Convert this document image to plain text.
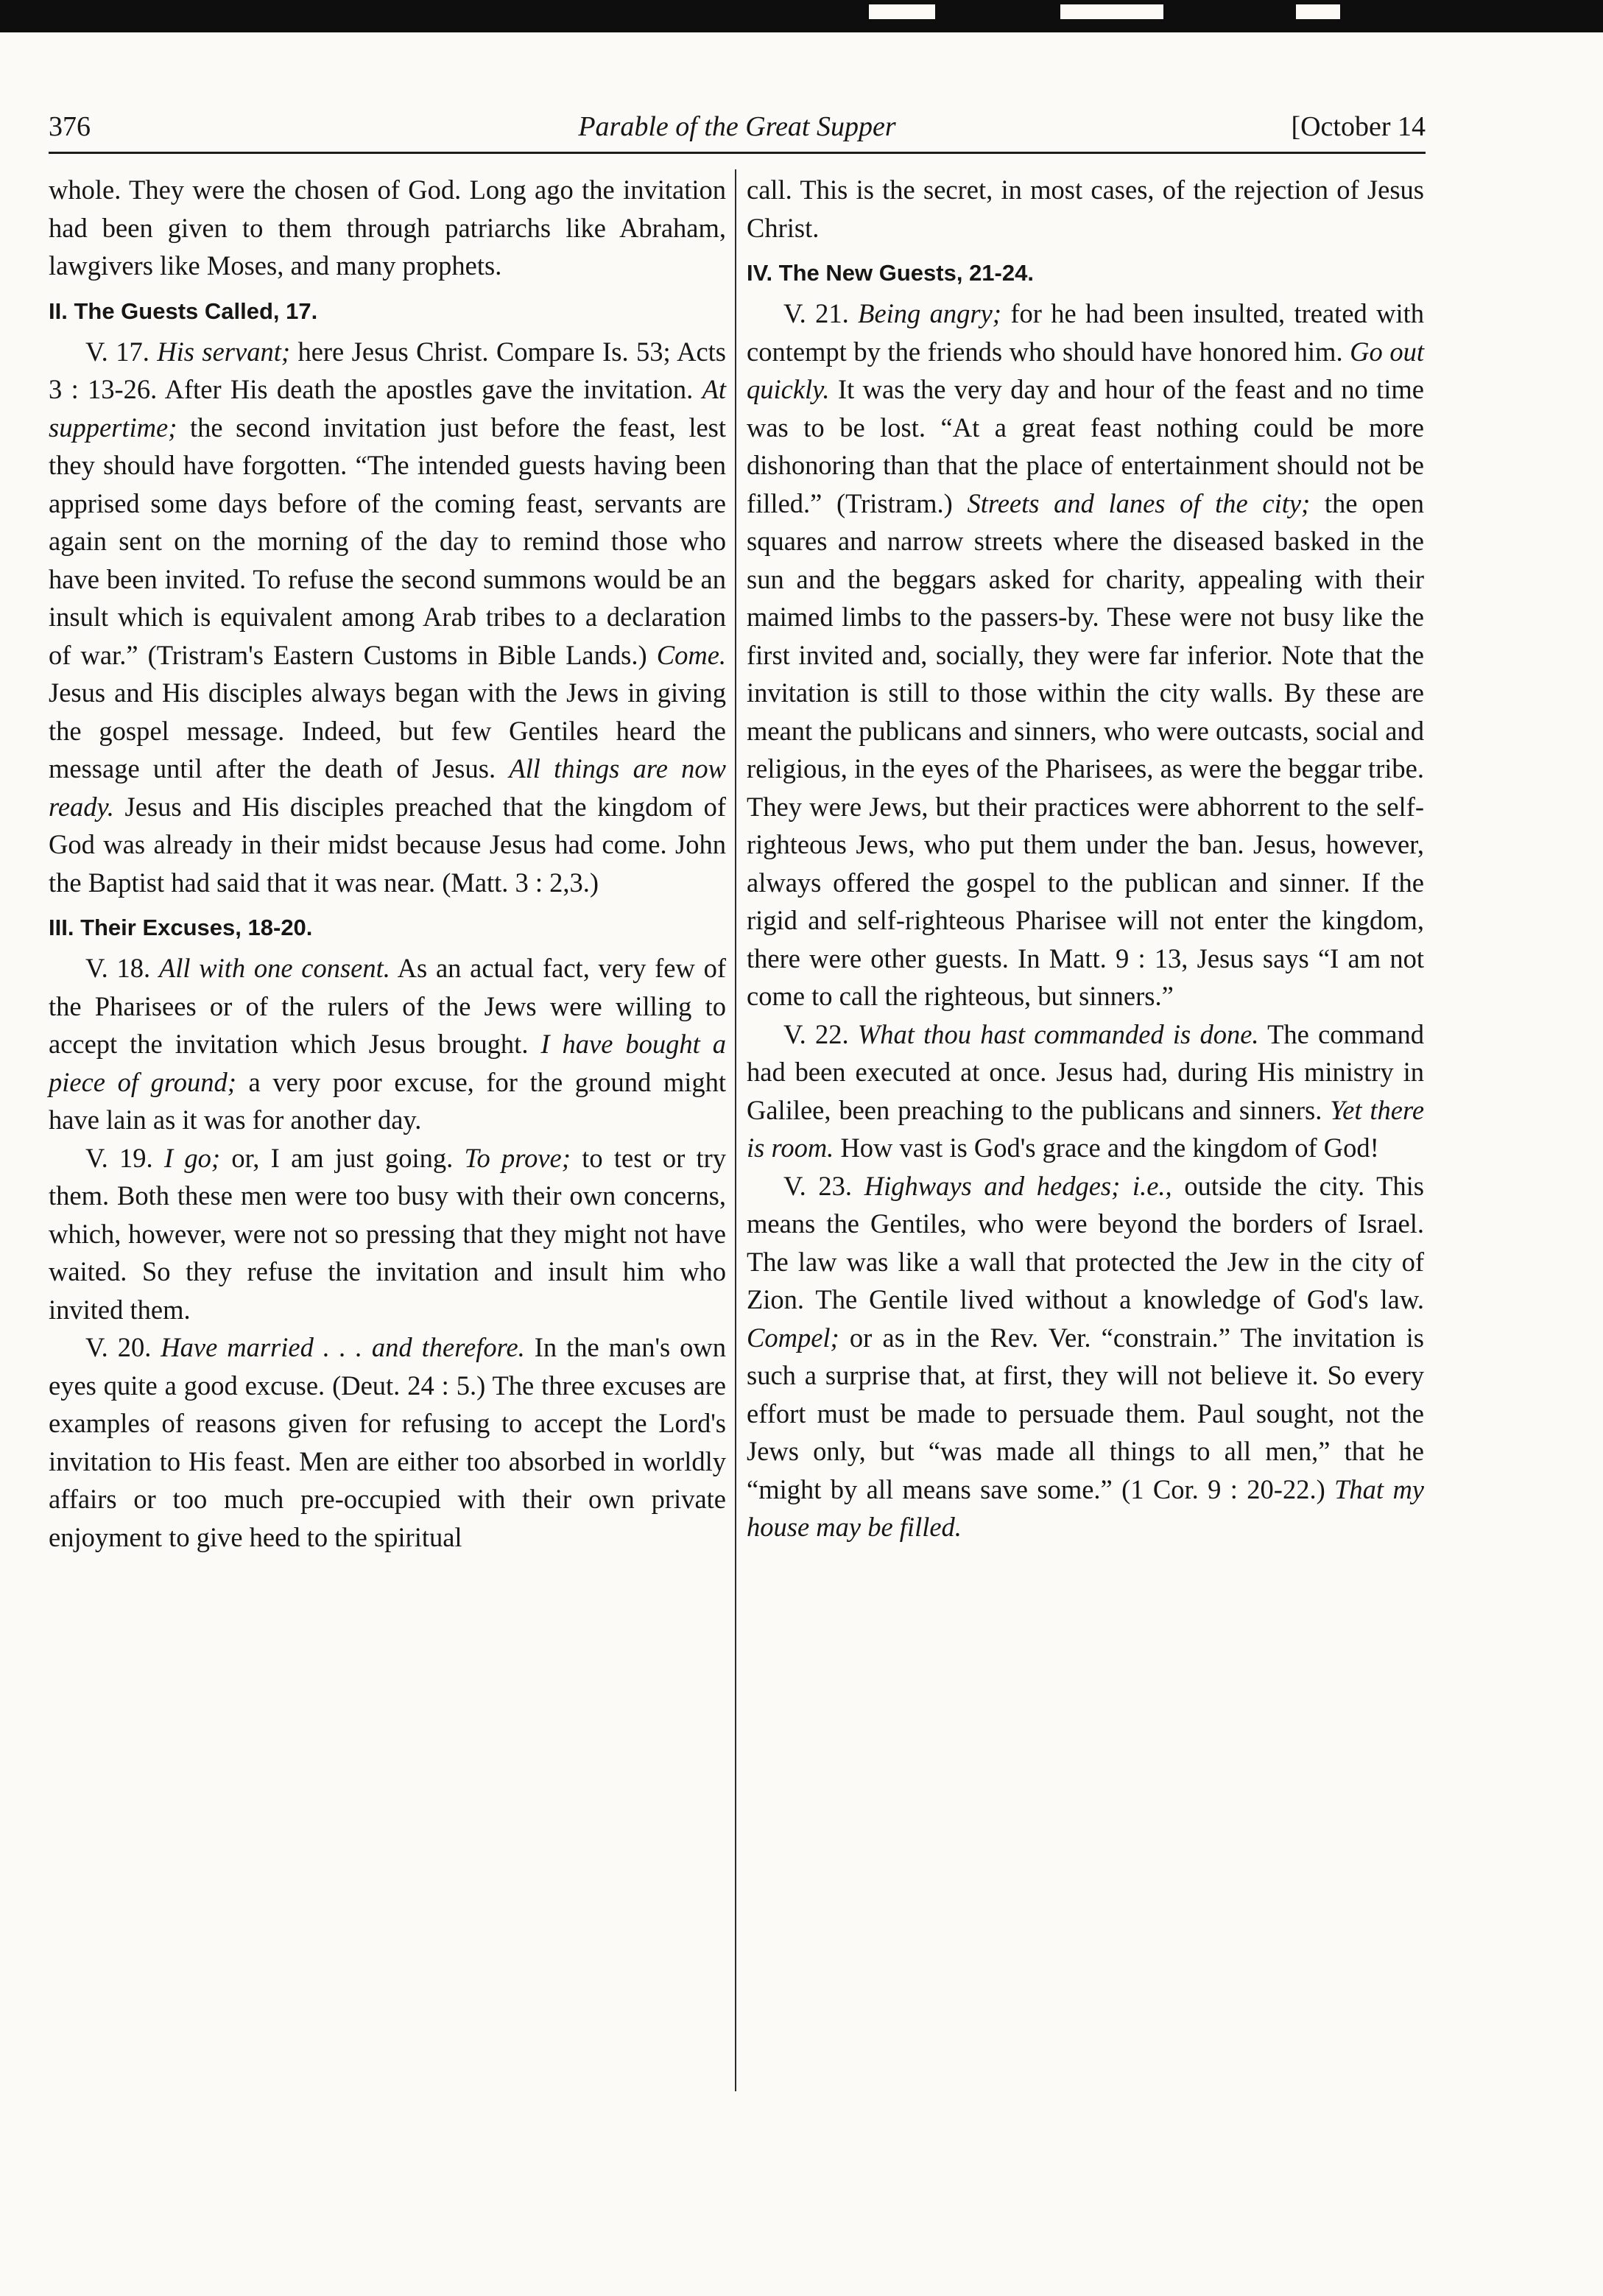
376	Parable of the Great Supper	[October 14

whole. They were the chosen of God. Long ago the invitation had been given to them through patriarchs like Abraham, lawgivers like Moses, and many prophets.

II. The Guests Called, 17.

V. 17. His servant; here Jesus Christ. Compare Is. 53; Acts 3 : 13-26. After His death the apostles gave the invitation. At suppertime; the second invitation just before the feast, lest they should have forgotten. “The intended guests having been apprised some days before of the coming feast, servants are again sent on the morning of the day to remind those who have been invited. To refuse the second summons would be an insult which is equivalent among Arab tribes to a declaration of war.” (Tristram's Eastern Customs in Bible Lands.) Come. Jesus and His disciples always began with the Jews in giving the gospel message. Indeed, but few Gentiles heard the message until after the death of Jesus. All things are now ready. Jesus and His disciples preached that the kingdom of God was already in their midst because Jesus had come. John the Baptist had said that it was near. (Matt. 3 : 2,3.)

III. Their Excuses, 18-20.

V. 18. All with one consent. As an actual fact, very few of the Pharisees or of the rulers of the Jews were willing to accept the invitation which Jesus brought. I have bought a piece of ground; a very poor excuse, for the ground might have lain as it was for another day.

V. 19. I go; or, I am just going. To prove; to test or try them. Both these men were too busy with their own concerns, which, however, were not so pressing that they might not have waited. So they refuse the invitation and insult him who invited them.

V. 20. Have married . . . and therefore. In the man's own eyes quite a good excuse. (Deut. 24 : 5.) The three excuses are examples of reasons given for refusing to accept the Lord's invitation to His feast. Men are either too absorbed in worldly affairs or too much pre-occupied with their own private enjoyment to give heed to the spiritual

call. This is the secret, in most cases, of the rejection of Jesus Christ.

IV. The New Guests, 21-24.

V. 21. Being angry; for he had been insulted, treated with contempt by the friends who should have honored him. Go out quickly. It was the very day and hour of the feast and no time was to be lost. “At a great feast nothing could be more dishonoring than that the place of entertainment should not be filled.” (Tristram.) Streets and lanes of the city; the open squares and narrow streets where the diseased basked in the sun and the beggars asked for charity, appealing with their maimed limbs to the passers-by. These were not busy like the first invited and, socially, they were far inferior. Note that the invitation is still to those within the city walls. By these are meant the publicans and sinners, who were outcasts, social and religious, in the eyes of the Pharisees, as were the beggar tribe. They were Jews, but their practices were abhorrent to the self-righteous Jews, who put them under the ban. Jesus, however, always offered the gospel to the publican and sinner. If the rigid and self-righteous Pharisee will not enter the kingdom, there were other guests. In Matt. 9 : 13, Jesus says “I am not come to call the righteous, but sinners.”

V. 22. What thou hast commanded is done. The command had been executed at once. Jesus had, during His ministry in Galilee, been preaching to the publicans and sinners. Yet there is room. How vast is God's grace and the kingdom of God!

V. 23. Highways and hedges; i.e., outside the city. This means the Gentiles, who were beyond the borders of Israel. The law was like a wall that protected the Jew in the city of Zion. The Gentile lived without a knowledge of God's law. Compel; or as in the Rev. Ver. “constrain.” The invitation is such a surprise that, at first, they will not believe it. So every effort must be made to persuade them. Paul sought, not the Jews only, but “was made all things to all men,” that he “might by all means save some.” (1 Cor. 9 : 20-22.) That my house may be filled.
